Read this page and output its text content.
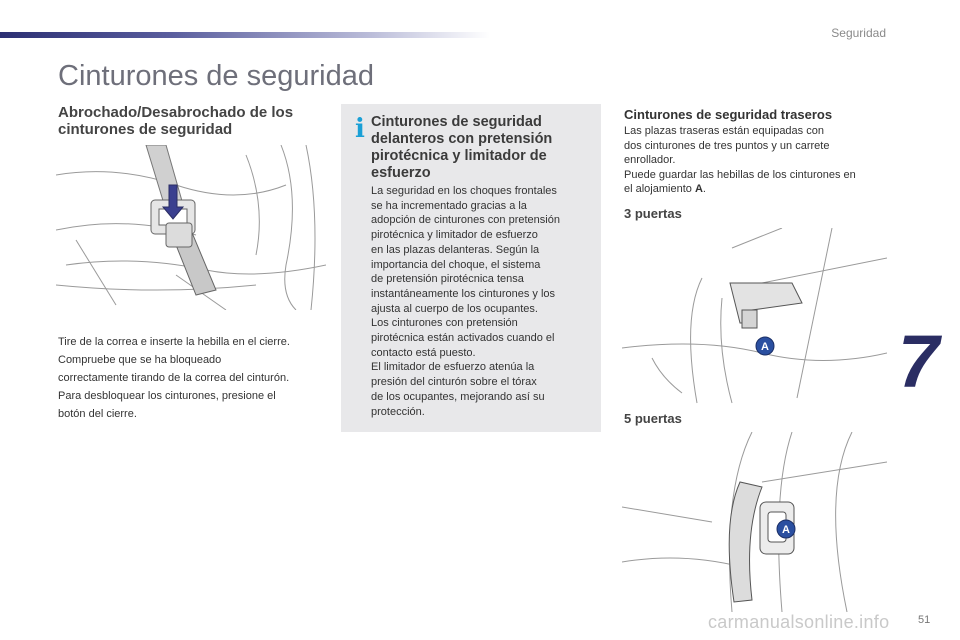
Seguridad
Cinturones de seguridad
Abrochado/Desabrochado de los
cinturones de seguridad
Tire de la correa e inserte la hebilla en el cierre.
Compruebe que se ha bloqueado
correctamente tirando de la correa del cinturón.
Para desbloquear los cinturones, presione el
botón del cierre.
i Cinturones de seguridad
delanteros con pretensión
pirotécnica y limitador de
esfuerzo
La seguridad en los choques frontales
se ha incrementado gracias a la
adopción de cinturones con pretensión
pirotécnica y limitador de esfuerzo
en las plazas delanteras. Según la
importancia del choque, el sistema
de pretensión pirotécnica tensa
instantáneamente los cinturones y los
ajusta al cuerpo de los ocupantes.
Los cinturones con pretensión
pirotécnica están activados cuando el
contacto está puesto.
El limitador de esfuerzo atenúa la
presión del cinturón sobre el tórax
de los ocupantes, mejorando así su
protección.
Cinturones de seguridad traseros
Las plazas traseras están equipadas con
dos cinturones de tres puntos y un carrete
enrollador.
Puede guardar las hebillas de los cinturones en
el alojamiento A.
3 puertas
A
5 puertas
A
7
51
carmanualsonline.info
